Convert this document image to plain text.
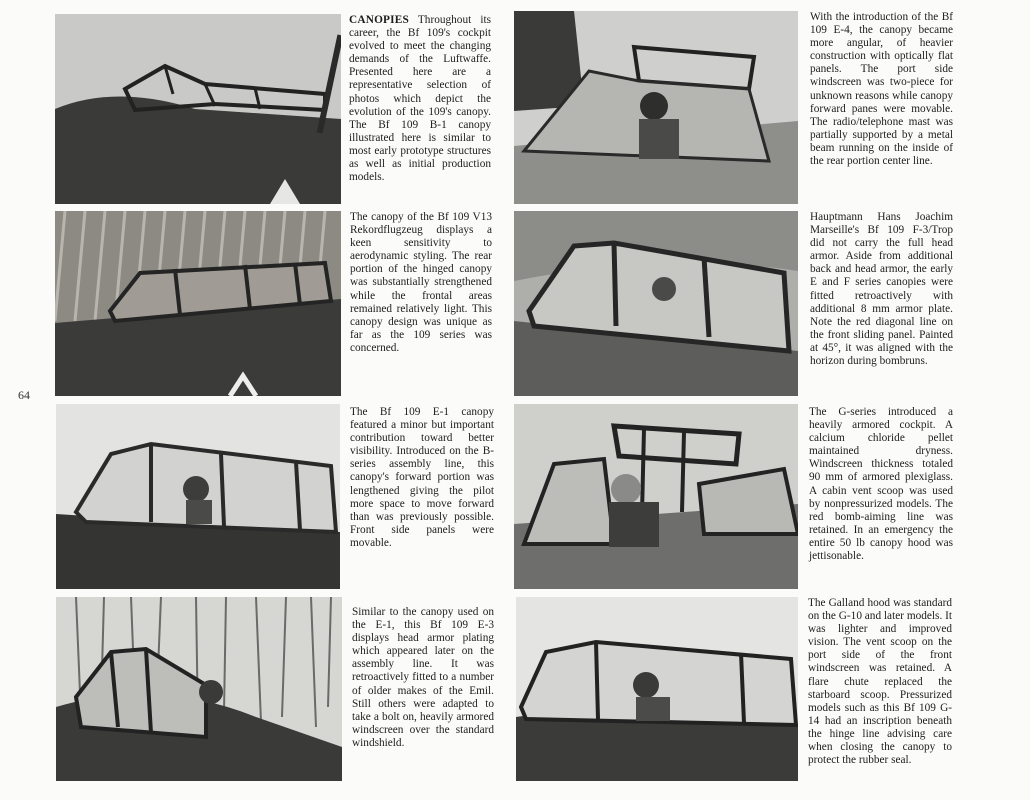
64
CANOPIES Throughout its career, the Bf 109's cockpit evolved to meet the changing demands of the Luftwaffe. Presented here are a representative selection of photos which depict the evolution of the 109's canopy. The Bf 109 B-1 canopy illustrated here is similar to most early prototype structures as well as initial production models.
The canopy of the Bf 109 V13 Rekordflugzeug displays a keen sensitivity to aerodynamic styling. The rear portion of the hinged canopy was substantially strengthened while the frontal areas remained relatively light. This canopy design was unique as far as the 109 series was concerned.
The Bf 109 E-1 canopy featured a minor but important contribution toward better visibility. Introduced on the B-series assembly line, this canopy's forward portion was lengthened giving the pilot more space to move forward than was previously possible. Front side panels were movable.
Similar to the canopy used on the E-1, this Bf 109 E-3 displays head armor plating which appeared later on the assembly line. It was retroactively fitted to a number of older makes of the Emil. Still others were adapted to take a bolt on, heavily armored windscreen over the standard windshield.
With the introduction of the Bf 109 E-4, the canopy became more angular, of heavier construction with optically flat panels. The port side windscreen was two-piece for unknown reasons while canopy forward panes were movable. The radio/telephone mast was partially supported by a metal beam running on the inside of the rear portion center line.
Hauptmann Hans Joachim Marseille's Bf 109 F-3/Trop did not carry the full head armor. Aside from additional back and head armor, the early E and F series canopies were fitted retroactively with additional 8 mm armor plate. Note the red diagonal line on the front sliding panel. Painted at 45°, it was aligned with the horizon during bombruns.
The G-series introduced a heavily armored cockpit. A calcium chloride pellet maintained dryness. Windscreen thickness totaled 90 mm of armored plexiglass. A cabin vent scoop was used by nonpressurized models. The red bomb-aiming line was retained. In an emergency the entire 50 lb canopy hood was jettisonable.
The Galland hood was standard on the G-10 and later models. It was lighter and improved vision. The vent scoop on the port side of the front windscreen was retained. A flare chute replaced the starboard scoop. Pressurized models such as this Bf 109 G-14 had an inscription beneath the hinge line advising care when closing the canopy to protect the rubber seal.
